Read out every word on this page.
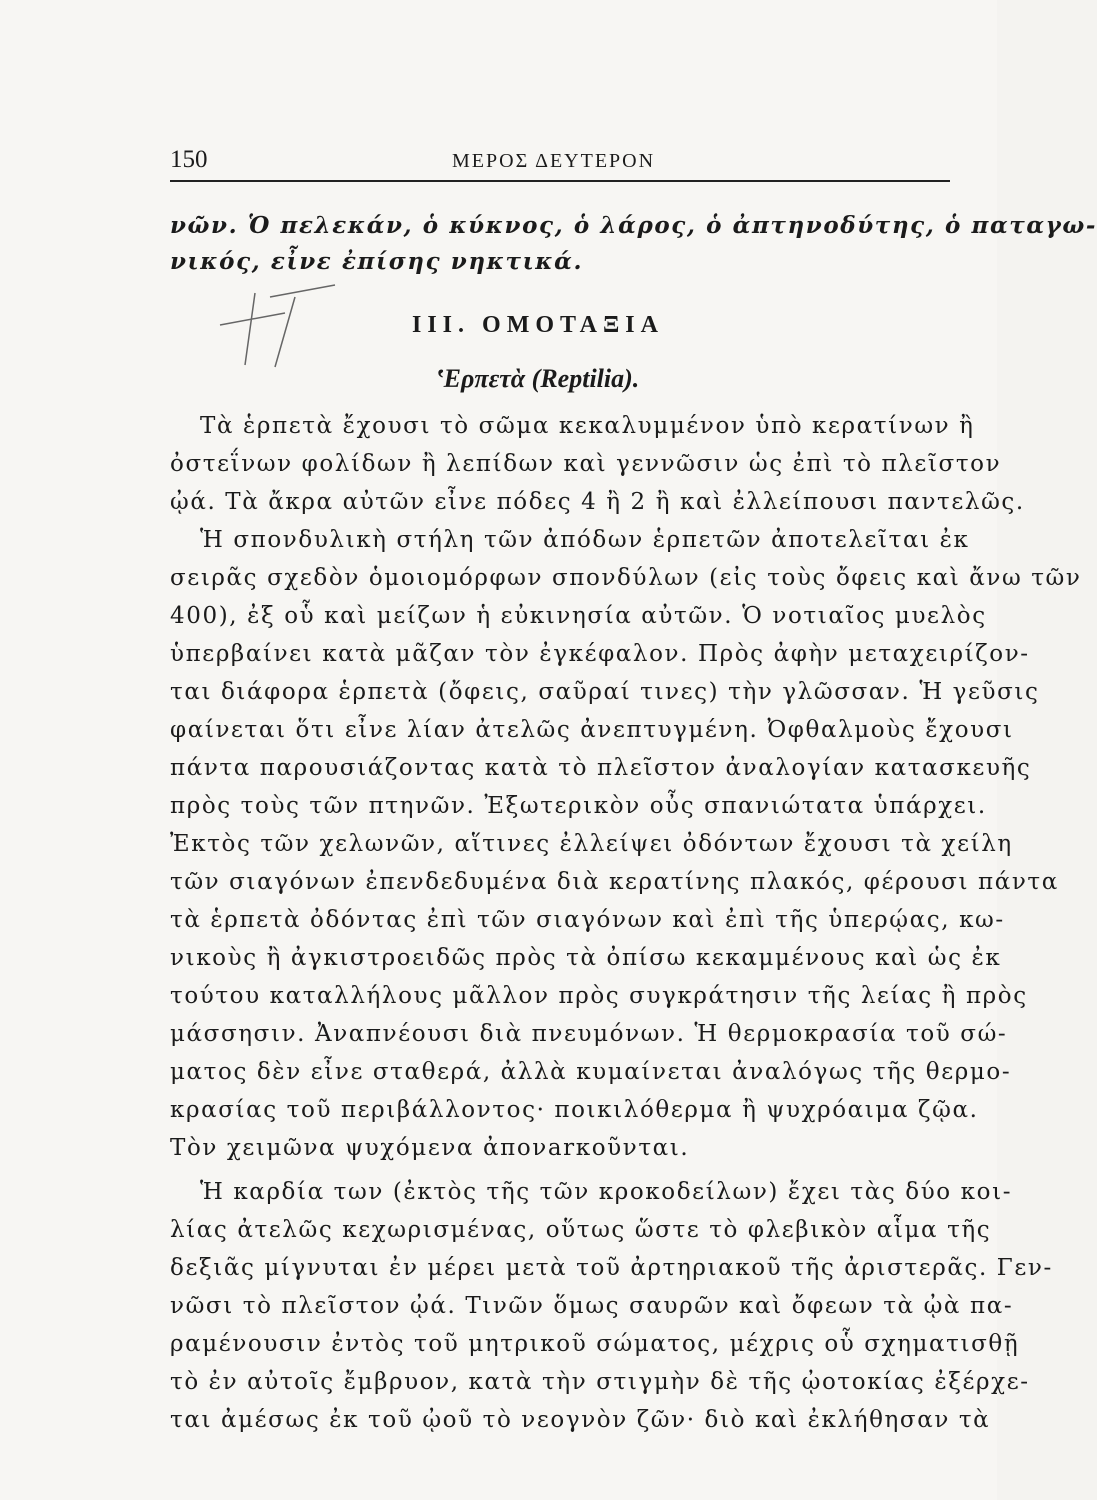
150	ΜΕΡΟΣ ΔΕΥΤΕΡΟΝ
νῶν. Ὁ πελεκάν, ὁ κύκνος, ὁ λάρος, ὁ ἀπτηνοδύτης, ὁ παταγω-
νικός, εἶνε ἐπίσης νηκτικά.
III. ΟΜΟΤΑΞΙΑ
ʽΕρπετὰ (Reptilia).
Τὰ ἑρπετὰ ἔχουσι τὸ σῶμα κεκαλυμμένον ὑπὸ κερατίνων ἢ
ὀστεΐνων φολίδων ἢ λεπίδων καὶ γεννῶσιν ὡς ἐπὶ τὸ πλεῖστον
ᾠά. Τὰ ἄκρα αὐτῶν εἶνε πόδες 4 ἢ 2 ἢ καὶ ἐλλείπουσι παντελῶς.
Ἡ σπονδυλικὴ στήλη τῶν ἀπόδων ἑρπετῶν ἀποτελεῖται ἐκ
σειρᾶς σχεδὸν ὁμοιομόρφων σπονδύλων (εἰς τοὺς ὄφεις καὶ ἄνω τῶν
400), ἐξ οὗ καὶ μείζων ἡ εὐκινησία αὐτῶν. Ὁ νοτιαῖος μυελὸς
ὑπερβαίνει κατὰ μᾶζαν τὸν ἐγκέφαλον. Πρὸς ἀφὴν μεταχειρίζον-
ται διάφορα ἑρπετὰ (ὄφεις, σαῦραί τινες) τὴν γλῶσσαν. Ἡ γεῦσις
φαίνεται ὅτι εἶνε λίαν ἀτελῶς ἀνεπτυγμένη. Ὀφθαλμοὺς ἔχουσι
πάντα παρουσιάζοντας κατὰ τὸ πλεῖστον ἀναλογίαν κατασκευῆς
πρὸς τοὺς τῶν πτηνῶν. Ἐξωτερικὸν οὖς σπανιώτατα ὑπάρχει.
Ἐκτὸς τῶν χελωνῶν, αἵτινες ἐλλείψει ὀδόντων ἔχουσι τὰ χείλη
τῶν σιαγόνων ἐπενδεδυμένα διὰ κερατίνης πλακός, φέρουσι πάντα
τὰ ἑρπετὰ ὀδόντας ἐπὶ τῶν σιαγόνων καὶ ἐπὶ τῆς ὑπερῴας, κω-
νικοὺς ἢ ἀγκιστροειδῶς πρὸς τὰ ὀπίσω κεκαμμένους καὶ ὡς ἐκ
τούτου καταλλήλους μᾶλλον πρὸς συγκράτησιν τῆς λείας ἢ πρὸς
μάσσησιν. Ἀναπνέουσι διὰ πνευμόνων. Ἡ θερμοκρασία τοῦ σώ-
ματος δὲν εἶνε σταθερά, ἀλλὰ κυμαίνεται ἀναλόγως τῆς θερμο-
κρασίας τοῦ περιβάλλοντος· ποικιλόθερμα ἢ ψυχρόαιμα ζῷα.
Τὸν χειμῶνα ψυχόμενα ἀπονarκοῦνται.
Ἡ καρδία των (ἐκτὸς τῆς τῶν κροκοδείλων) ἔχει τὰς δύο κοι-
λίας ἀτελῶς κεχωρισμένας, οὕτως ὥστε τὸ φλεβικὸν αἷμα τῆς
δεξιᾶς μίγνυται ἐν μέρει μετὰ τοῦ ἀρτηριακοῦ τῆς ἀριστερᾶς. Γεν-
νῶσι τὸ πλεῖστον ᾠά. Τινῶν ὅμως σαυρῶν καὶ ὄφεων τὰ ᾠὰ πα-
ραμένουσιν ἐντὸς τοῦ μητρικοῦ σώματος, μέχρις οὗ σχηματισθῇ
τὸ ἐν αὐτοῖς ἔμβρυον, κατὰ τὴν στιγμὴν δὲ τῆς ᾠοτοκίας ἐξέρχε-
ται ἀμέσως ἐκ τοῦ ᾠοῦ τὸ νεογνὸν ζῶν· διὸ καὶ ἐκλήθησαν τὰ
